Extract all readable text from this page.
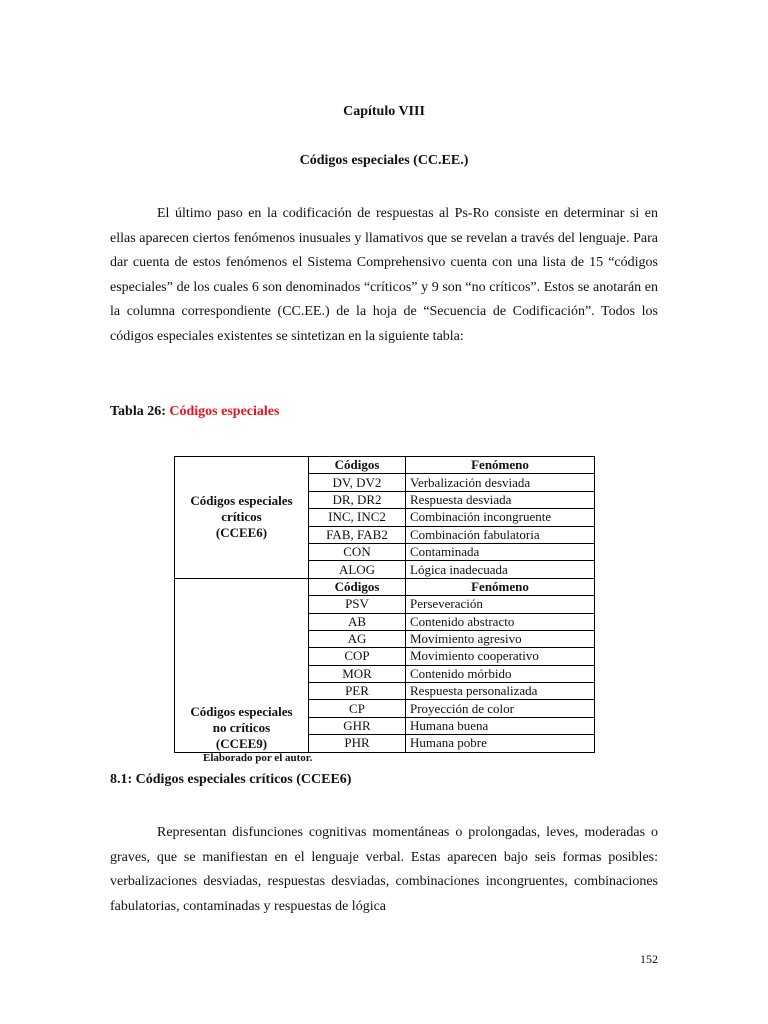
Capítulo VIII
Códigos especiales (CC.EE.)

El último paso en la codificación de respuestas al Ps-Ro consiste en determinar si en ellas aparecen ciertos fenómenos inusuales y llamativos que se revelan a través del lenguaje. Para dar cuenta de estos fenómenos el Sistema Comprehensivo cuenta con una lista de 15 “códigos especiales” de los cuales 6 son denominados “críticos” y 9 son “no críticos”. Estos se anotarán en la columna correspondiente (CC.EE.) de la hoja de “Secuencia de Codificación”. Todos los códigos especiales existentes se sintetizan en la siguiente tabla:

Tabla 26: Códigos especiales
Códigos especiales
críticos
(CCEE6)	Códigos	Fenómeno
	DV, DV2	Verbalización desviada
	DR, DR2	Respuesta desviada
	INC, INC2	Combinación incongruente
	FAB, FAB2	Combinación fabulatoria
	CON	Contaminada
	ALOG	Lógica inadecuada

Códigos especiales
no críticos
(CCEE9)	Códigos	Fenómeno
	PSV	Perseveración
	AB	Contenido abstracto
	AG	Movimiento agresivo
	COP	Movimiento cooperativo
	MOR	Contenido mórbido
	PER	Respuesta personalizada
	CP	Proyección de color
	GHR	Humana buena
	PHR	Humana pobre
Elaborado por el autor.
8.1: Códigos especiales críticos (CCEE6)

Representan disfunciones cognitivas momentáneas o prolongadas, leves, moderadas o graves, que se manifiestan en el lenguaje verbal. Estas aparecen bajo seis formas posibles: verbalizaciones desviadas, respuestas desviadas, combinaciones incongruentes, combinaciones fabulatorias, contaminadas y respuestas de lógica

152
